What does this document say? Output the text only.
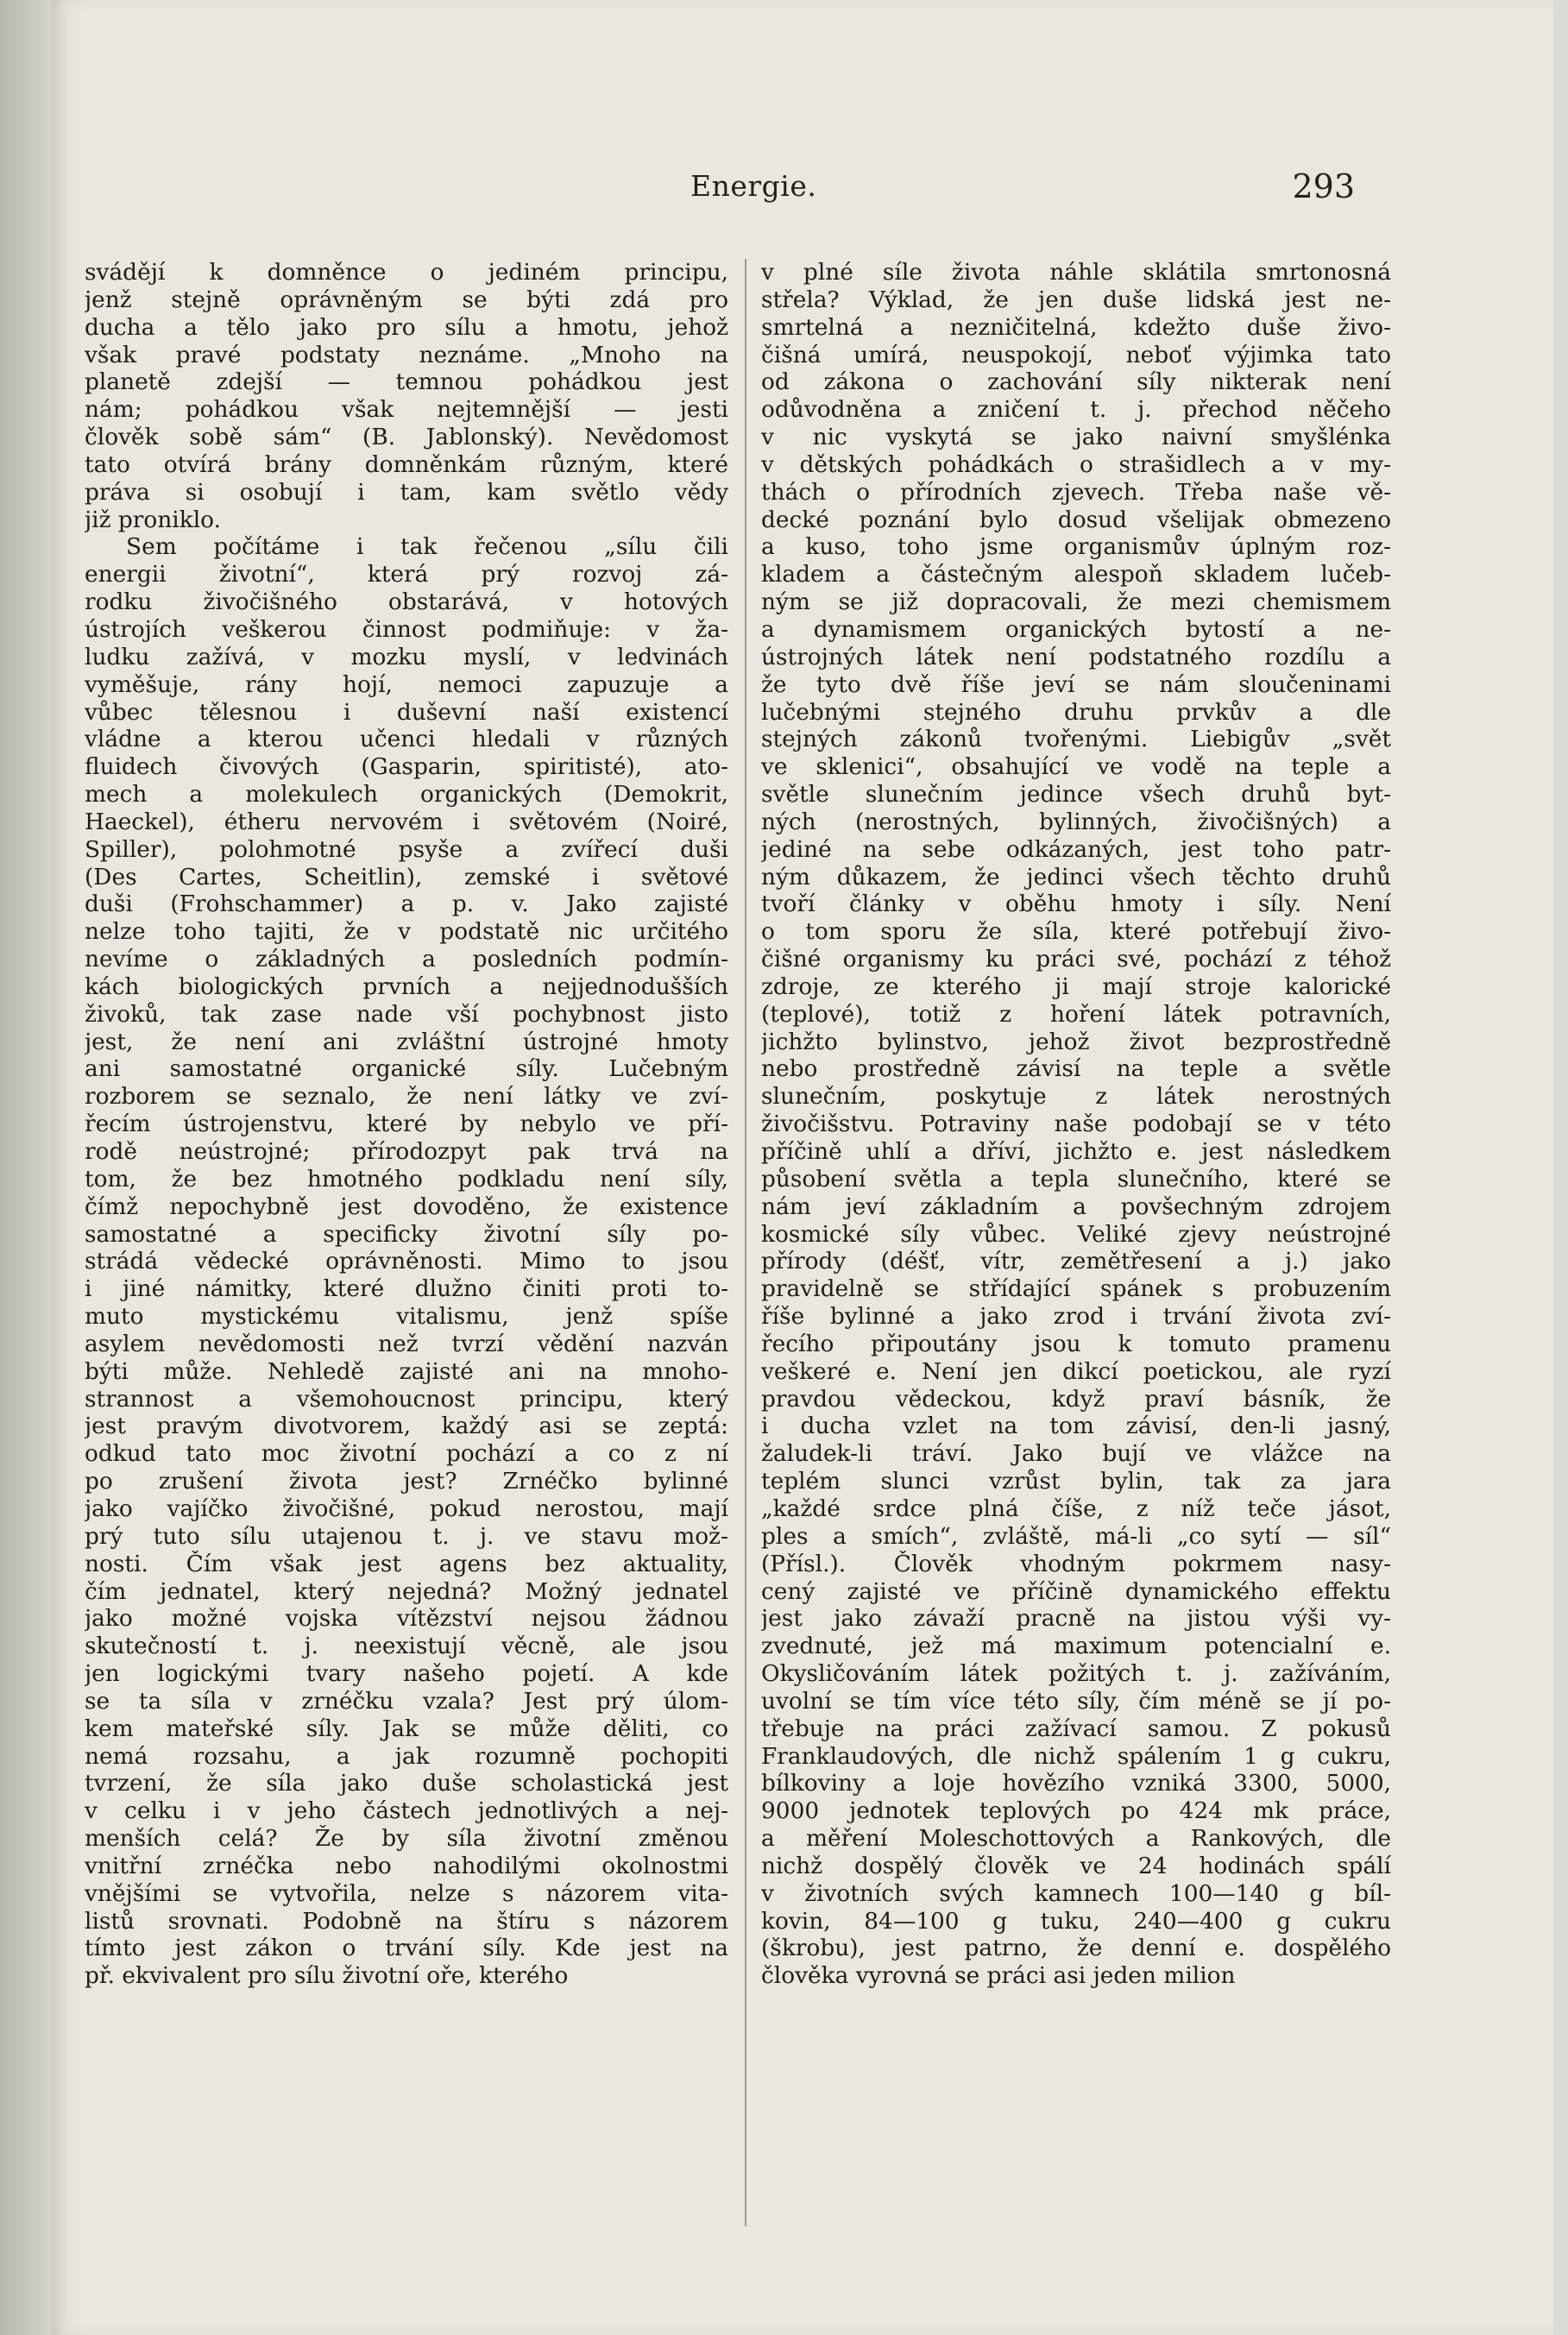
Energie.	293
svádějí k domněnce o jediném principu,
jenž stejně oprávněným se býti zdá pro
ducha a tělo jako pro sílu a hmotu, jehož
však pravé podstaty neznáme. „Mnoho na
planetě zdejší — temnou pohádkou jest
nám; pohádkou však nejtemnější — jesti
člověk sobě sám“ (B. Jablonský). Nevědomost
tato otvírá brány domněnkám různým, které
práva si osobují i tam, kam světlo vědy
již proniklo.
Sem počítáme i tak řečenou „sílu čili
energii životní“, která prý rozvoj zá-
rodku živočišného obstarává, v hotových
ústrojích veškerou činnost podmiňuje: v ža-
ludku zažívá, v mozku myslí, v ledvinách
vyměšuje, rány hojí, nemoci zapuzuje a
vůbec tělesnou i duševní naší existencí
vládne a kterou učenci hledali v různých
fluidech čivových (Gasparin, spiritisté), ato-
mech a molekulech organických (Demokrit,
Haeckel), étheru nervovém i světovém (Noiré,
Spiller), polohmotné psyše a zvířecí duši
(Des Cartes, Scheitlin), zemské i světové
duši (Frohschammer) a p. v. Jako zajisté
nelze toho tajiti, že v podstatě nic určitého
nevíme o základných a posledních podmín-
kách biologických prvních a nejjednodušších
živoků, tak zase nade vší pochybnost jisto
jest, že není ani zvláštní ústrojné hmoty
ani samostatné organické síly. Lučebným
rozborem se seznalo, že není látky ve zví-
řecím ústrojenstvu, které by nebylo ve pří-
rodě neústrojné; přírodozpyt pak trvá na
tom, že bez hmotného podkladu není síly,
čímž nepochybně jest dovoděno, že existence
samostatné a specificky životní síly po-
strádá vědecké oprávněnosti. Mimo to jsou
i jiné námitky, které dlužno činiti proti to-
muto mystickému vitalismu, jenž spíše
asylem nevědomosti než tvrzí vědění nazván
býti může. Nehledě zajisté ani na mnoho-
strannost a všemohoucnost principu, který
jest pravým divotvorem, každý asi se zeptá:
odkud tato moc životní pochází a co z ní
po zrušení života jest? Zrnéčko bylinné
jako vajíčko živočišné, pokud nerostou, mají
prý tuto sílu utajenou t. j. ve stavu mož-
nosti. Čím však jest agens bez aktuality,
čím jednatel, který nejedná? Možný jednatel
jako možné vojska vítězství nejsou žádnou
skutečností t. j. neexistují věcně, ale jsou
jen logickými tvary našeho pojetí. A kde
se ta síla v zrnéčku vzala? Jest prý úlom-
kem mateřské síly. Jak se může děliti, co
nemá rozsahu, a jak rozumně pochopiti
tvrzení, že síla jako duše scholastická jest
v celku i v jeho částech jednotlivých a nej-
menších celá? Že by síla životní změnou
vnitřní zrnéčka nebo nahodilými okolnostmi
vnějšími se vytvořila, nelze s názorem vita-
listů srovnati. Podobně na štíru s názorem
tímto jest zákon o trvání síly. Kde jest na
př. ekvivalent pro sílu životní oře, kterého
v plné síle života náhle sklátila smrtonosná
střela? Výklad, že jen duše lidská jest ne-
smrtelná a nezničitelná, kdežto duše živo-
čišná umírá, neuspokojí, neboť výjimka tato
od zákona o zachování síly nikterak není
odůvodněna a zničení t. j. přechod něčeho
v nic vyskytá se jako naivní smyšlénka
v dětských pohádkách o strašidlech a v my-
thách o přírodních zjevech. Třeba naše vě-
decké poznání bylo dosud všelijak obmezeno
a kuso, toho jsme organismův úplným roz-
kladem a částečným alespoň skladem lučeb-
ným se již dopracovali, že mezi chemismem
a dynamismem organických bytostí a ne-
ústrojných látek není podstatného rozdílu a
že tyto dvě říše jeví se nám sloučeninami
lučebnými stejného druhu prvkův a dle
stejných zákonů tvořenými. Liebigův „svět
ve sklenici“, obsahující ve vodě na teple a
světle slunečním jedince všech druhů byt-
ných (nerostných, bylinných, živočišných) a
jediné na sebe odkázaných, jest toho patr-
ným důkazem, že jedinci všech těchto druhů
tvoří články v oběhu hmoty i síly. Není
o tom sporu že síla, které potřebují živo-
čišné organismy ku práci své, pochází z téhož
zdroje, ze kterého ji mají stroje kalorické
(teplové), totiž z hoření látek potravních,
jichžto bylinstvo, jehož život bezprostředně
nebo prostředně závisí na teple a světle
slunečním, poskytuje z látek nerostných
živočišstvu. Potraviny naše podobají se v této
příčině uhlí a dříví, jichžto e. jest následkem
působení světla a tepla slunečního, které se
nám jeví základním a povšechným zdrojem
kosmické síly vůbec. Veliké zjevy neústrojné
přírody (déšť, vítr, zemětřesení a j.) jako
pravidelně se střídající spánek s probuzením
říše bylinné a jako zrod i trvání života zví-
řecího připoutány jsou k tomuto pramenu
veškeré e. Není jen dikcí poetickou, ale ryzí
pravdou vědeckou, když praví básník, že
i ducha vzlet na tom závisí, den-li jasný,
žaludek-li tráví. Jako bují ve vlážce na
teplém slunci vzrůst bylin, tak za jara
„každé srdce plná číše, z níž teče jásot,
ples a smích“, zvláště, má-li „co sytí — síl“
(Přísl.). Člověk vhodným pokrmem nasy-
cený zajisté ve příčině dynamického effektu
jest jako závaží pracně na jistou výši vy-
zvednuté, jež má maximum potencialní e.
Okysličováním látek požitých t. j. zažíváním,
uvolní se tím více této síly, čím méně se jí po-
třebuje na práci zažívací samou. Z pokusů
Franklaudových, dle nichž spálením 1 g cukru,
bílkoviny a loje hovězího vzniká 3300, 5000,
9000 jednotek teplových po 424 mk práce,
a měření Moleschottových a Rankových, dle
nichž dospělý člověk ve 24 hodinách spálí
v životních svých kamnech 100—140 g bíl-
kovin, 84—100 g tuku, 240—400 g cukru
(škrobu), jest patrno, že denní e. dospělého
člověka vyrovná se práci asi jeden milion
